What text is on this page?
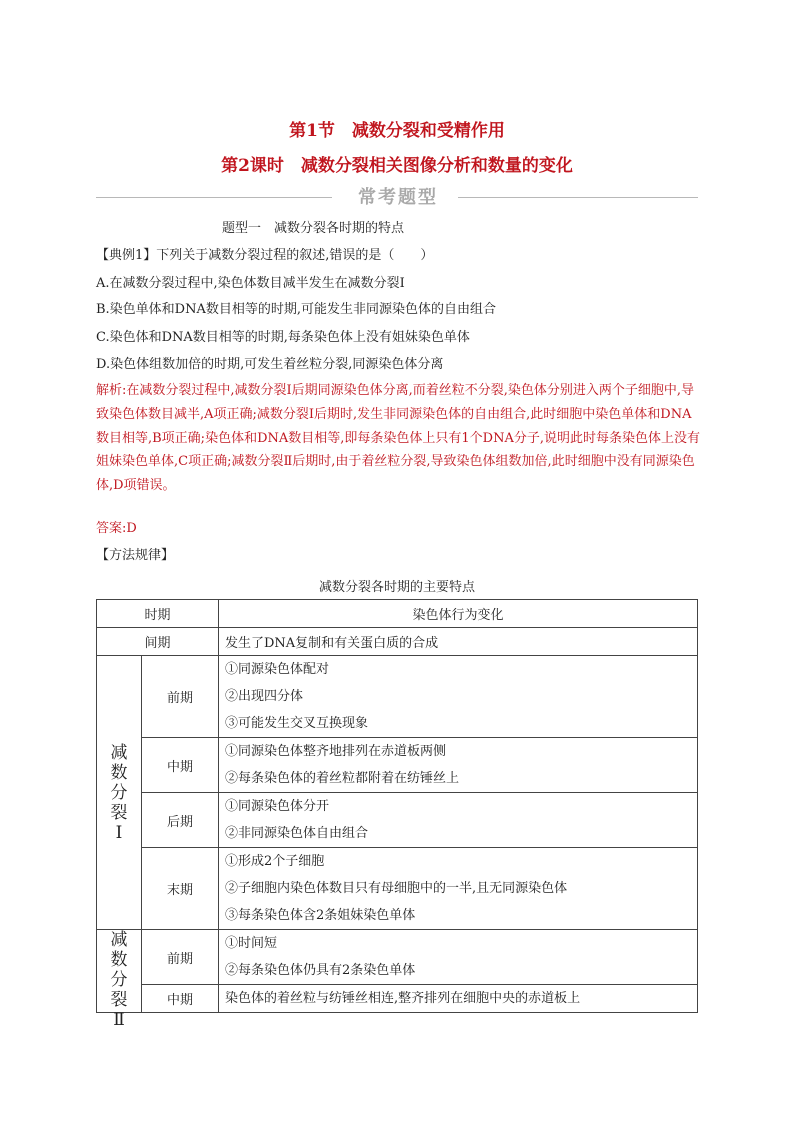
第1节　减数分裂和受精作用
第2课时　减数分裂相关图像分析和数量的变化
常考题型
题型一　减数分裂各时期的特点
【典例1】下列关于减数分裂过程的叙述,错误的是（　　）
A.在减数分裂过程中,染色体数目减半发生在减数分裂Ⅰ
B.染色单体和DNA数目相等的时期,可能发生非同源染色体的自由组合
C.染色体和DNA数目相等的时期,每条染色体上没有姐妹染色单体
D.染色体组数加倍的时期,可发生着丝粒分裂,同源染色体分离
解析:在减数分裂过程中,减数分裂Ⅰ后期同源染色体分离,而着丝粒不分裂,染色体分别进入两个子细胞中,导致染色体数目减半,A项正确;减数分裂Ⅰ后期时,发生非同源染色体的自由组合,此时细胞中染色单体和DNA数目相等,B项正确;染色体和DNA数目相等,即每条染色体上只有1个DNA分子,说明此时每条染色体上没有姐妹染色单体,C项正确;减数分裂Ⅱ后期时,由于着丝粒分裂,导致染色体组数加倍,此时细胞中没有同源染色体,D项错误。
答案:D
【方法规律】
减数分裂各时期的主要特点
时期		染色体行为变化
间期		发生了DNA复制和有关蛋白质的合成

减
数
分
裂
Ⅰ	前期	①同源染色体配对
②出现四分体
③可能发生交叉互换现象

	中期	①同源染色体整齐地排列在赤道板两侧
②每条染色体的着丝粒都附着在纺锤丝上

	后期	①同源染色体分开
②非同源染色体自由组合

	末期	①形成2个子细胞
②子细胞内染色体数目只有母细胞中的一半,且无同源染色体
③每条染色体含2条姐妹染色单体

减
数
分
裂
Ⅱ	前期	①时间短
②每条染色体仍具有2条染色单体

	中期	染色体的着丝粒与纺锤丝相连,整齐排列在细胞中央的赤道板上
